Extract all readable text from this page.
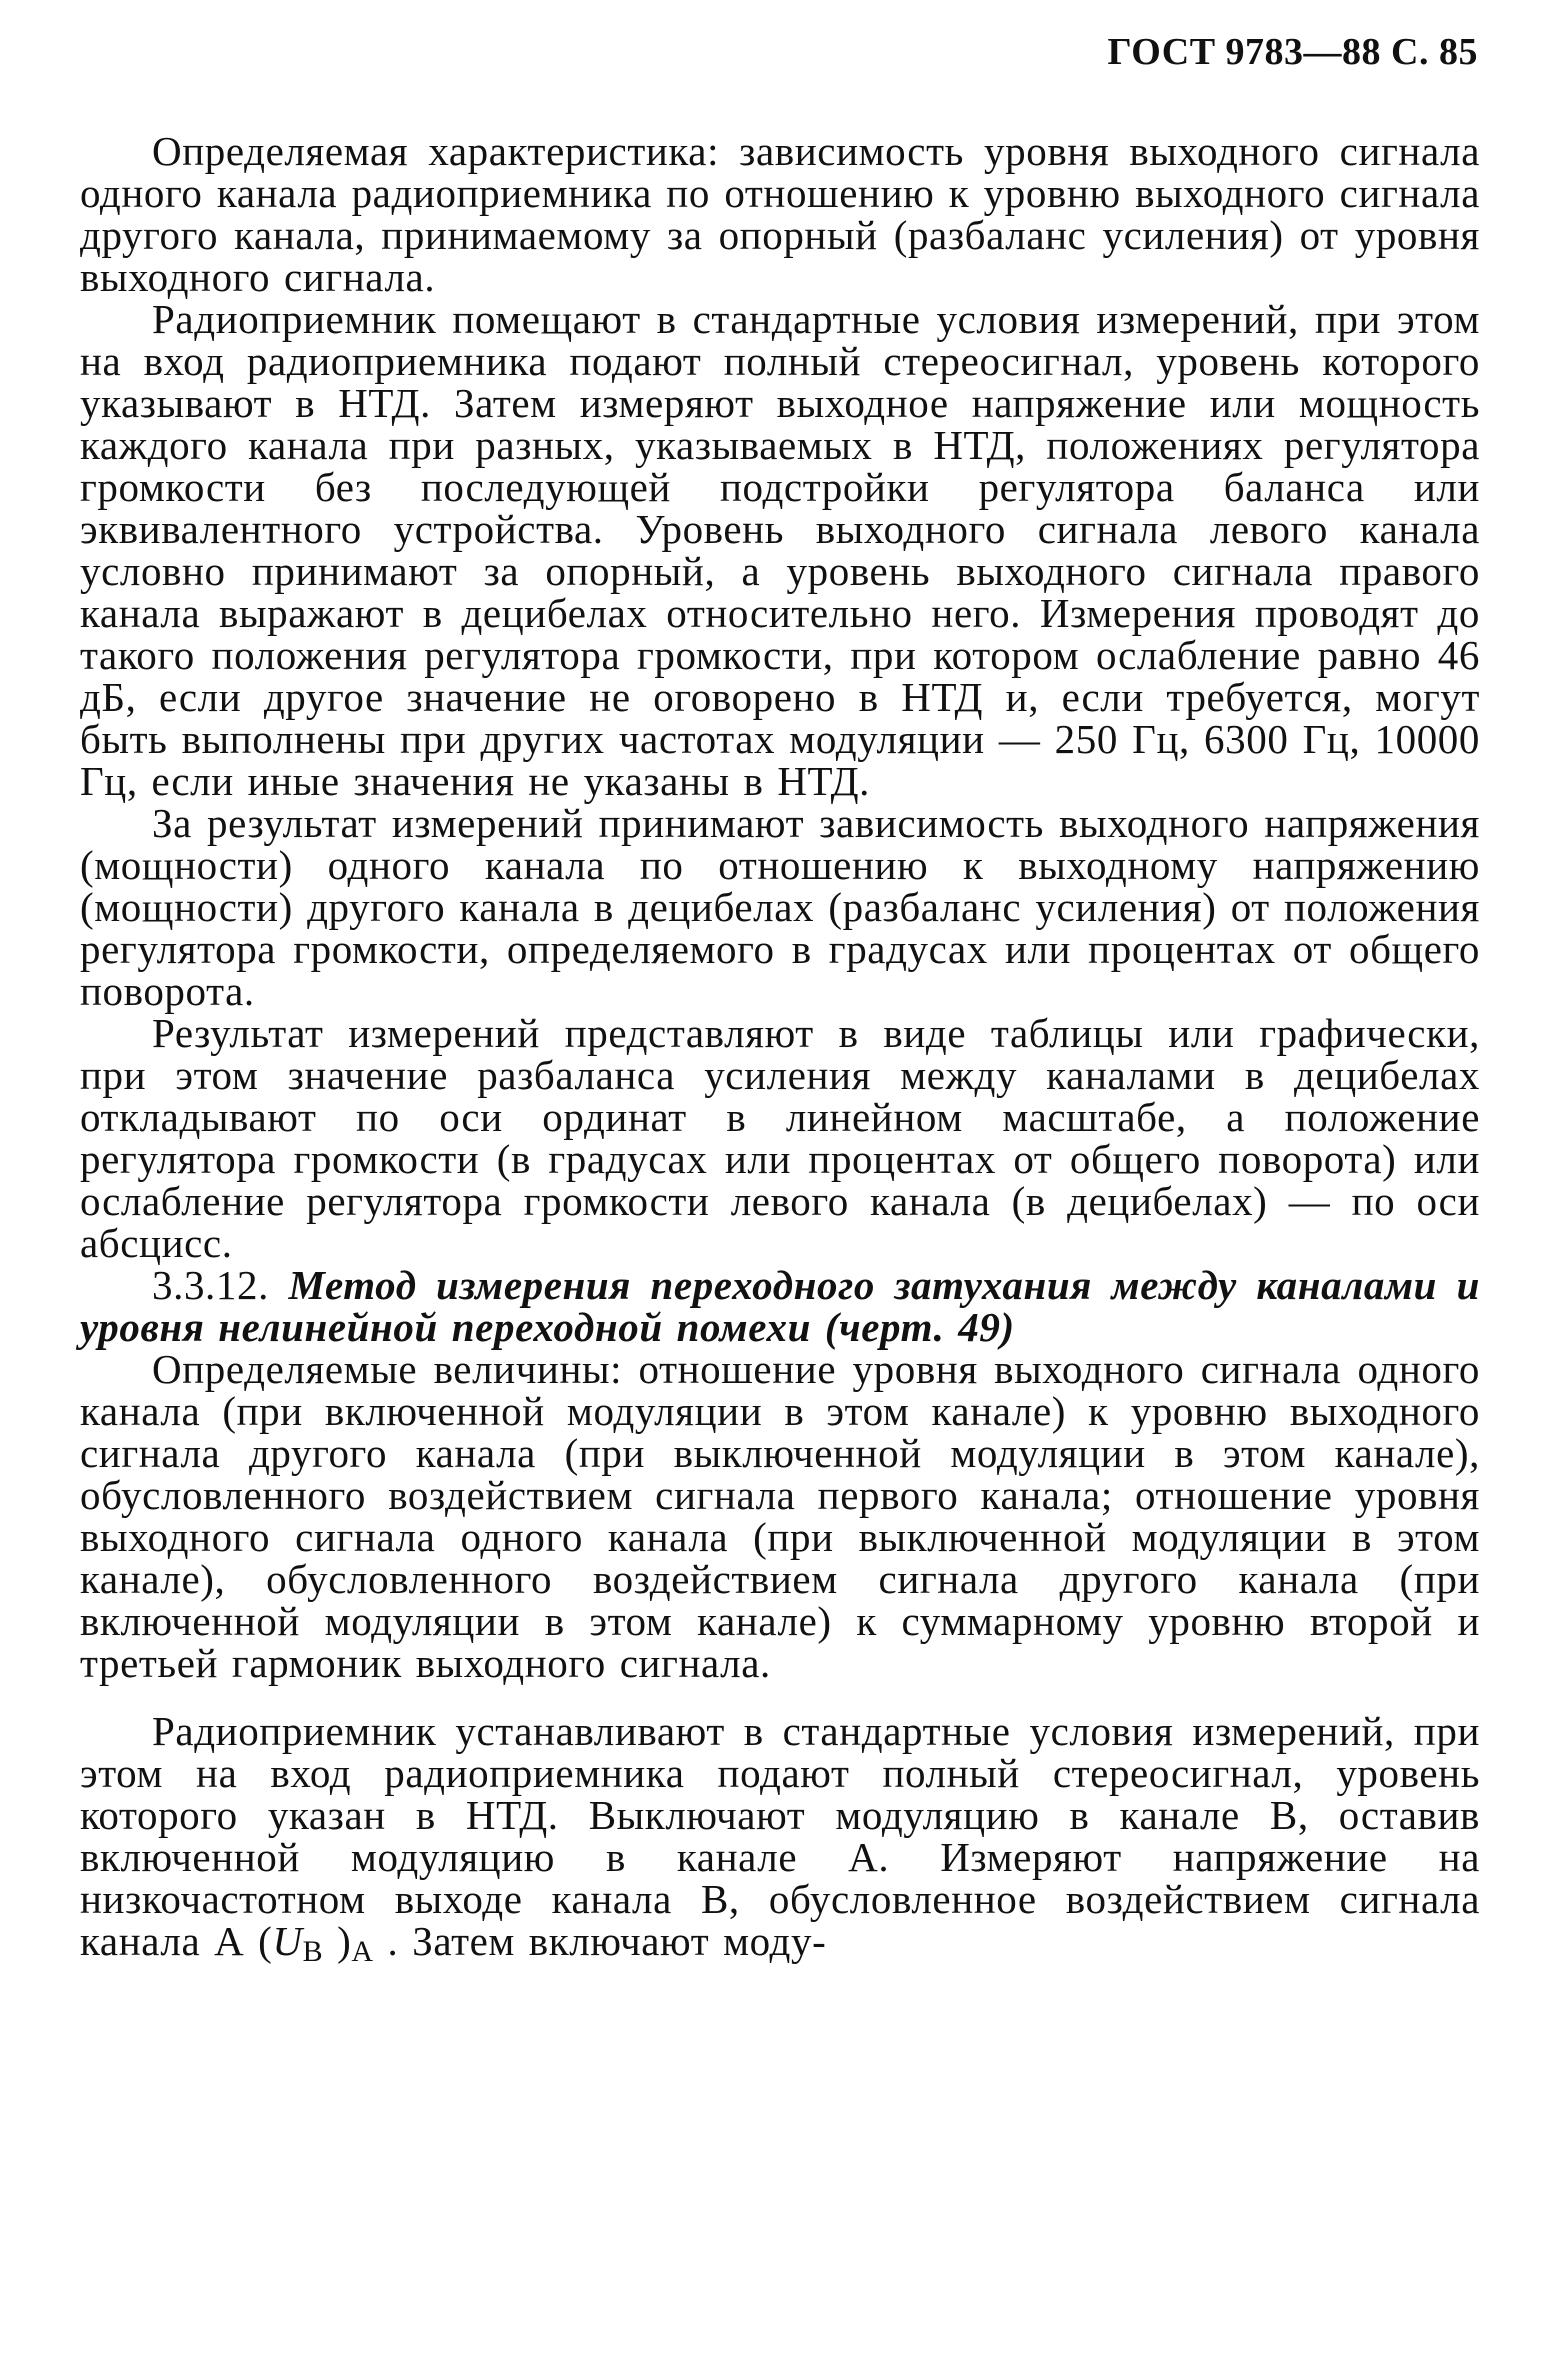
ГОСТ 9783—88 С. 85

Определяемая характеристика: зависимость уровня выходного сигнала одного канала радиоприемника по отношению к уровню выходного сигнала другого канала, принимаемому за опорный (разбаланс усиления) от уровня выходного сигнала.

Радиоприемник помещают в стандартные условия измерений, при этом на вход радиоприемника подают полный стереосигнал, уровень которого указывают в НТД. Затем измеряют выходное напряжение или мощность каждого канала при разных, указываемых в НТД, положениях регулятора громкости без последующей подстройки регулятора баланса или эквивалентного устройства. Уровень выходного сигнала левого канала условно принимают за опорный, а уровень выходного сигнала правого канала выражают в децибелах относительно него. Измерения проводят до такого положения регулятора громкости, при котором ослабление равно 46 дБ, если другое значение не оговорено в НТД и, если требуется, могут быть выполнены при других частотах модуляции — 250 Гц, 6300 Гц, 10000 Гц, если иные значения не указаны в НТД.

За результат измерений принимают зависимость выходного напряжения (мощности) одного канала по отношению к выходному напряжению (мощности) другого канала в децибелах (разбаланс усиления) от положения регулятора громкости, определяемого в градусах или процентах от общего поворота.

Результат измерений представляют в виде таблицы или графически, при этом значение разбаланса усиления между каналами в децибелах откладывают по оси ординат в линейном масштабе, а положение регулятора громкости (в градусах или процентах от общего поворота) или ослабление регулятора громкости левого канала (в децибелах) — по оси абсцисс.

3.3.12. Метод измерения переходного затухания между каналами и уровня нелинейной переходной помехи (черт. 49)

Определяемые величины: отношение уровня выходного сигнала одного канала (при включенной модуляции в этом канале) к уровню выходного сигнала другого канала (при выключенной модуляции в этом канале), обусловленного воздействием сигнала первого канала; отношение уровня выходного сигнала одного канала (при выключенной модуляции в этом канале), обусловленного воздействием сигнала другого канала (при включенной модуляции в этом канале) к суммарному уровню второй и третьей гармоник выходного сигнала.

Радиоприемник устанавливают в стандартные условия измерений, при этом на вход радиоприемника подают полный стереосигнал, уровень которого указан в НТД. Выключают модуляцию в канале В, оставив включенной модуляцию в канале А. Измеряют напряжение на низкочастотном выходе канала В, обусловленное воздействием сигнала канала А ($U_В$ )$_А$ . Затем включают моду-
